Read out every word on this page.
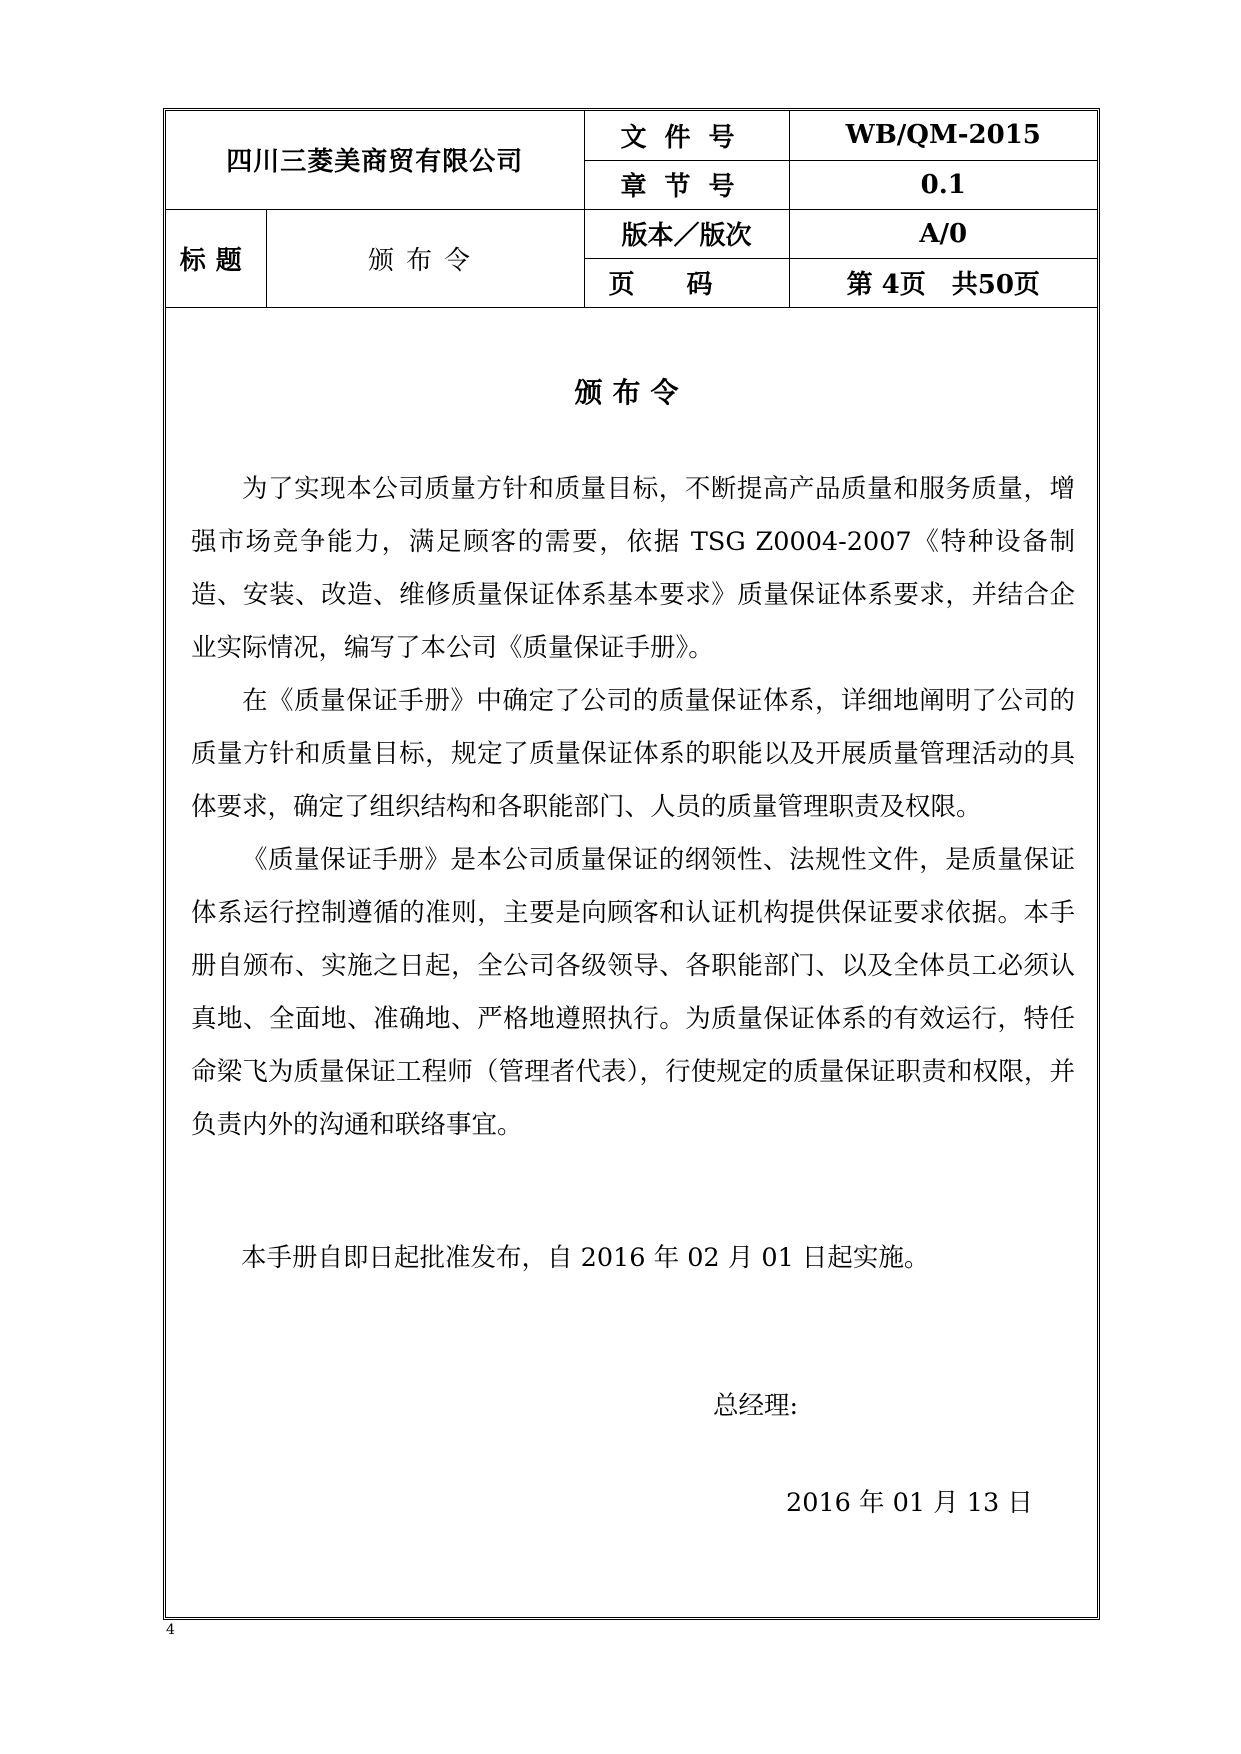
四川三菱美商贸有限公司		文件号	WB/QM-2015
		章节号	0.1
标题	颁布令	版本／版次	A/0
		页码	第 4页　共50页
颁布令

为了实现本公司质量方针和质量目标，不断提高产品质量和服务质量，增强市场竞争能力，满足顾客的需要，依据 TSG Z0004-2007《特种设备制造、安装、改造、维修质量保证体系基本要求》质量保证体系要求，并结合企业实际情况，编写了本公司《质量保证手册》。

在《质量保证手册》中确定了公司的质量保证体系，详细地阐明了公司的质量方针和质量目标，规定了质量保证体系的职能以及开展质量管理活动的具体要求，确定了组织结构和各职能部门、人员的质量管理职责及权限。

《质量保证手册》是本公司质量保证的纲领性、法规性文件，是质量保证体系运行控制遵循的准则，主要是向顾客和认证机构提供保证要求依据。本手册自颁布、实施之日起，全公司各级领导、各职能部门、以及全体员工必须认真地、全面地、准确地、严格地遵照执行。为质量保证体系的有效运行，特任命梁飞为质量保证工程师（管理者代表），行使规定的质量保证职责和权限，并负责内外的沟通和联络事宜。

本手册自即日起批准发布，自 2016 年 02 月 01 日起实施。
总经理:
2016 年 01 月 13 日
4
